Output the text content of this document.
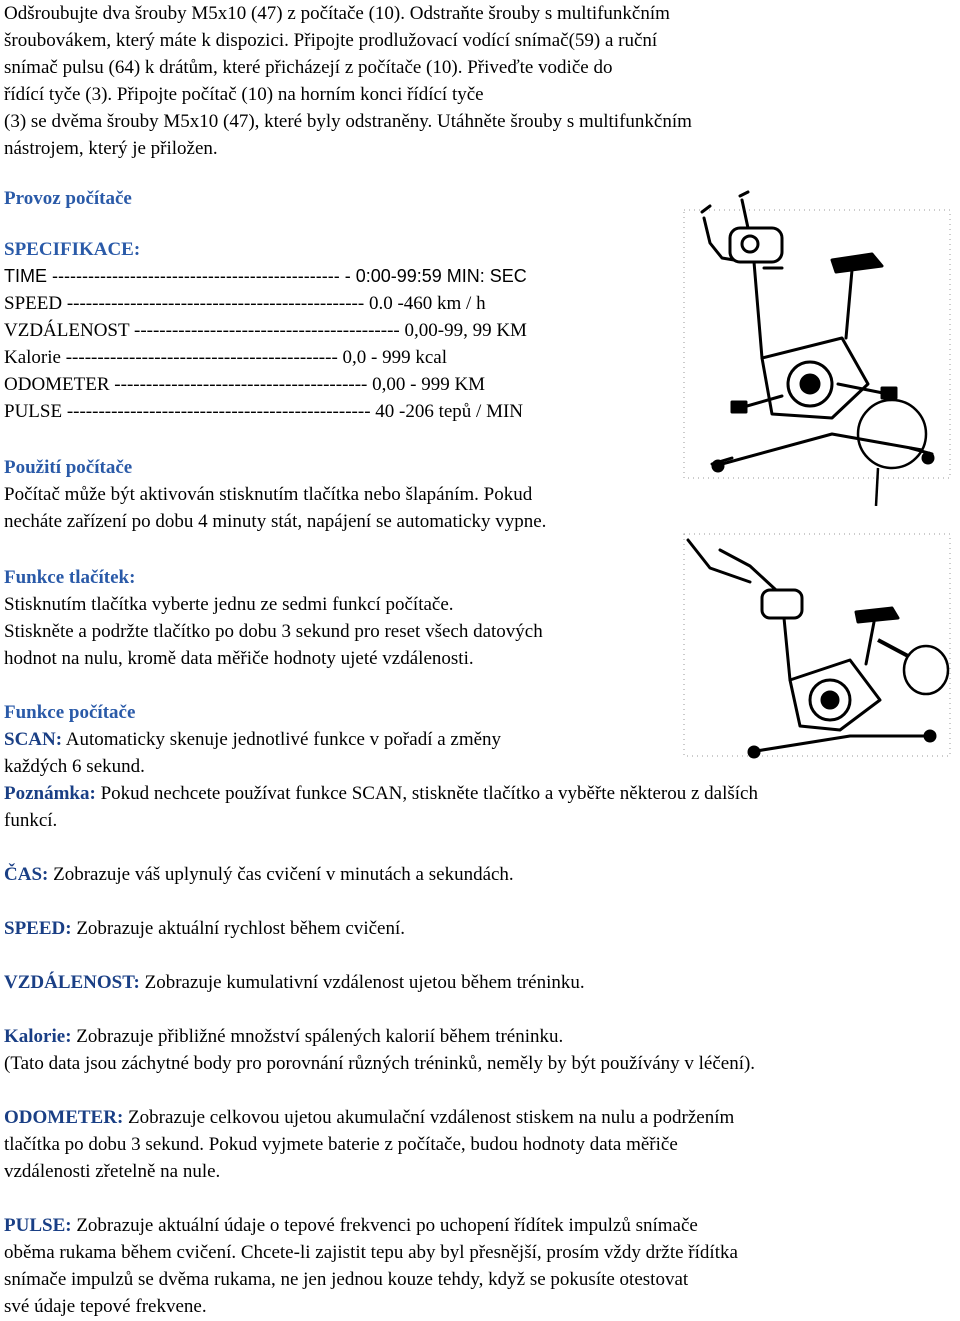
Odšroubujte dva šrouby M5x10 (47) z počítače (10). Odstraňte šrouby s multifunkčním

šroubovákem, který máte k dispozici. Připojte prodlužovací vodící snímač(59) a ruční

snímač pulsu (64) k drátům, které přicházejí z počítače (10). Přiveďte vodiče do

řídící tyče (3). Připojte počítač (10) na horním konci řídící tyče

(3) se dvěma šrouby M5x10 (47), které byly odstraněny. Utáhněte šrouby s multifunkčním

nástrojem, který je přiložen.

Provoz počítače

SPECIFIKACE:

TIME ------------------------------------------------ - 0:00-99:59 MIN: SEC

SPEED ----------------------------------------------- 0.0 -460 km / h

VZDÁLENOST ------------------------------------------ 0,00-99, 99 KM

Kalorie ------------------------------------------- 0,0 - 999 kcal

ODOMETER ---------------------------------------- 0,00 - 999 KM

PULSE ------------------------------------------------ 40 -206 tepů / MIN

Použití počítače

Počítač může být aktivován stisknutím tlačítka nebo šlapáním. Pokud

necháte zařízení po dobu 4 minuty stát, napájení se automaticky vypne.

Funkce tlačítek:

Stisknutím tlačítka vyberte jednu ze sedmi funkcí počítače.

Stiskněte a podržte tlačítko po dobu 3 sekund pro reset všech datových

hodnot na nulu, kromě data měřiče hodnoty ujeté vzdálenosti.

Funkce počítače

SCAN: Automaticky skenuje jednotlivé funkce v pořadí a změny

každých 6 sekund.

Poznámka: Pokud nechcete používat funkce SCAN, stiskněte tlačítko a vyběřte některou z dalších

funkcí.

ČAS: Zobrazuje váš uplynulý čas cvičení v minutách a sekundách.

SPEED: Zobrazuje aktuální rychlost během cvičení.

VZDÁLENOST: Zobrazuje kumulativní vzdálenost ujetou během tréninku.

Kalorie: Zobrazuje přibližné množství spálených kalorií během tréninku.

(Tato data jsou záchytné body pro porovnání různých tréninků, neměly by být používány v léčení).

ODOMETER: Zobrazuje celkovou ujetou akumulační vzdálenost stiskem na nulu a podržením

tlačítka po dobu 3 sekund. Pokud vyjmete baterie z počítače, budou hodnoty data měřiče

vzdálenosti zřetelně na nule.

PULSE: Zobrazuje aktuální údaje o tepové frekvenci po uchopení řídítek impulzů snímače

oběma rukama během cvičení. Chcete-li zajistit tepu aby byl přesnější, prosím vždy držte řídítka

snímače impulzů se dvěma rukama, ne jen jednou kouze tehdy, když se pokusíte otestovat

své údaje tepové frekvene.
